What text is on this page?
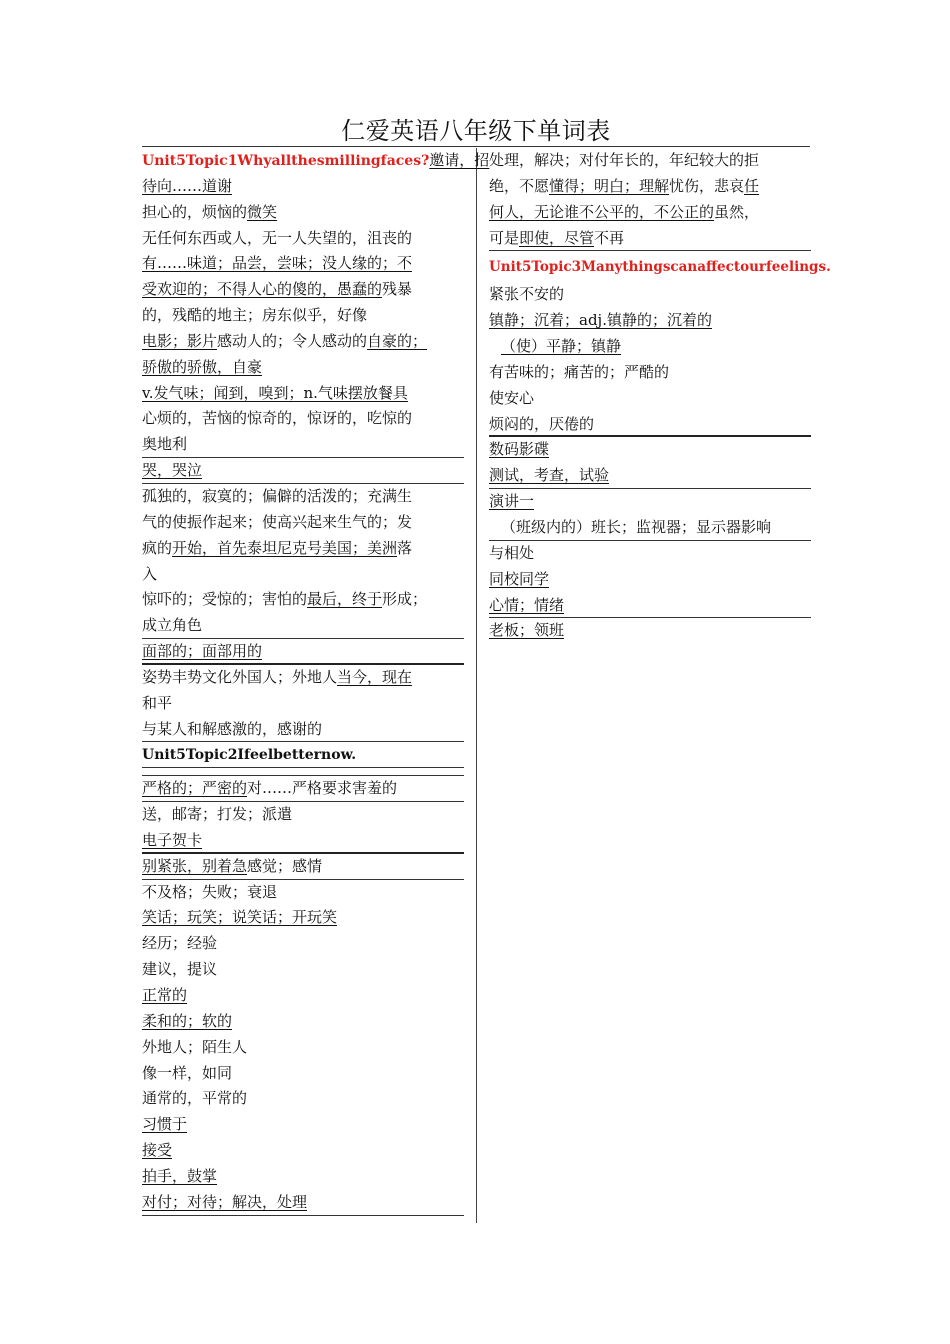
仁爱英语八年级下单词表
Unit5Topic1Whyallthesmillingfaces?邀请，招
待向……道谢
担心的，烦恼的微笑
无任何东西或人，无一人失望的，沮丧的
有……味道；品尝，尝味；没人缘的；不
受欢迎的；不得人心的傻的，愚蠢的残暴
的，残酷的地主；房东似乎，好像
电影；影片感动人的；令人感动的自豪的；
骄傲的骄傲，自豪
v.发气味；闻到，嗅到；n.气味摆放餐具
心烦的，苦恼的惊奇的，惊讶的，吃惊的
奥地利
哭，哭泣
孤独的，寂寞的；偏僻的活泼的；充满生
气的使振作起来；使高兴起来生气的；发
疯的开始，首先泰坦尼克号美国；美洲落
入
惊吓的；受惊的；害怕的最后，终于形成；
成立角色
面部的；面部用的
姿势丰势文化外国人；外地人当今，现在
和平
与某人和解感激的，感谢的
Unit5Topic2Ifeelbetternow.
严格的；严密的对……严格要求害羞的
送，邮寄；打发；派遣
电子贺卡
别紧张，别着急感觉；感情
不及格；失败；衰退
笑话；玩笑；说笑话；开玩笑
经历；经验
建议，提议
正常的
柔和的；软的
外地人；陌生人
像一样，如同
通常的，平常的
习惯于
接受
拍手，鼓掌
对付；对待；解决，处理
处理，解决；对付年长的，年纪较大的拒
绝，不愿懂得；明白；理解忧伤，悲哀任
何人，无论谁不公平的，不公正的虽然，
可是即使，尽管不再
Unit5Topic3Manythingscanaffectourfeelings.
紧张不安的
镇静；沉着；adj.镇静的；沉着的
（使）平静；镇静
有苦味的；痛苦的；严酷的
使安心
烦闷的，厌倦的
数码影碟
测试，考查，试验
演讲一
（班级内的）班长；监视器；显示器影响
与相处
同校同学
心情；情绪
老板；领班
